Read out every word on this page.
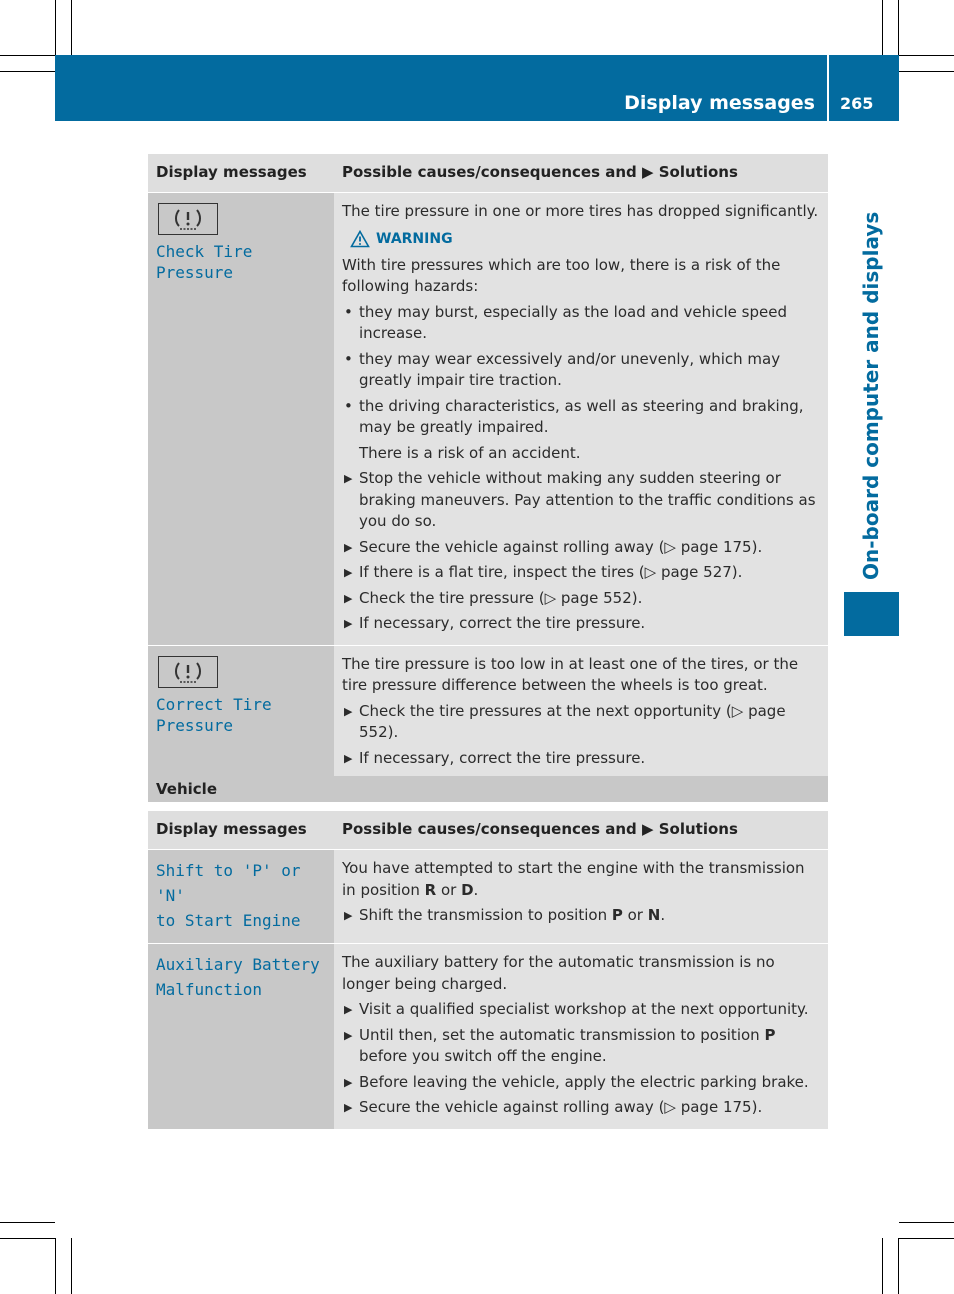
Display messages 265
On-board computer and displays
Display messages	Possible causes/consequences and ▶ Solutions
Check Tire Pressure
The tire pressure in one or more tires has dropped significantly.
WARNING
With tire pressures which are too low, there is a risk of the following hazards:
• they may burst, especially as the load and vehicle speed increase.
• they may wear excessively and/or unevenly, which may greatly impair tire traction.
• the driving characteristics, as well as steering and braking, may be greatly impaired.
There is a risk of an accident.
▶ Stop the vehicle without making any sudden steering or braking maneuvers. Pay attention to the traffic conditions as you do so.
▶ Secure the vehicle against rolling away (▷ page 175).
▶ If there is a flat tire, inspect the tires (▷ page 527).
▶ Check the tire pressure (▷ page 552).
▶ If necessary, correct the tire pressure.
Correct Tire
Pressure
The tire pressure is too low in at least one of the tires, or the tire pressure difference between the wheels is too great.
▶ Check the tire pressures at the next opportunity (▷ page 552).
▶ If necessary, correct the tire pressure.
Vehicle
Display messages	Possible causes/consequences and ▶ Solutions
Shift to 'P' or 'N'
to Start Engine
You have attempted to start the engine with the transmission in position R or D.
▶ Shift the transmission to position P or N.
Auxiliary Battery
Malfunction
The auxiliary battery for the automatic transmission is no longer being charged.
▶ Visit a qualified specialist workshop at the next opportunity.
▶ Until then, set the automatic transmission to position P before you switch off the engine.
▶ Before leaving the vehicle, apply the electric parking brake.
▶ Secure the vehicle against rolling away (▷ page 175).
